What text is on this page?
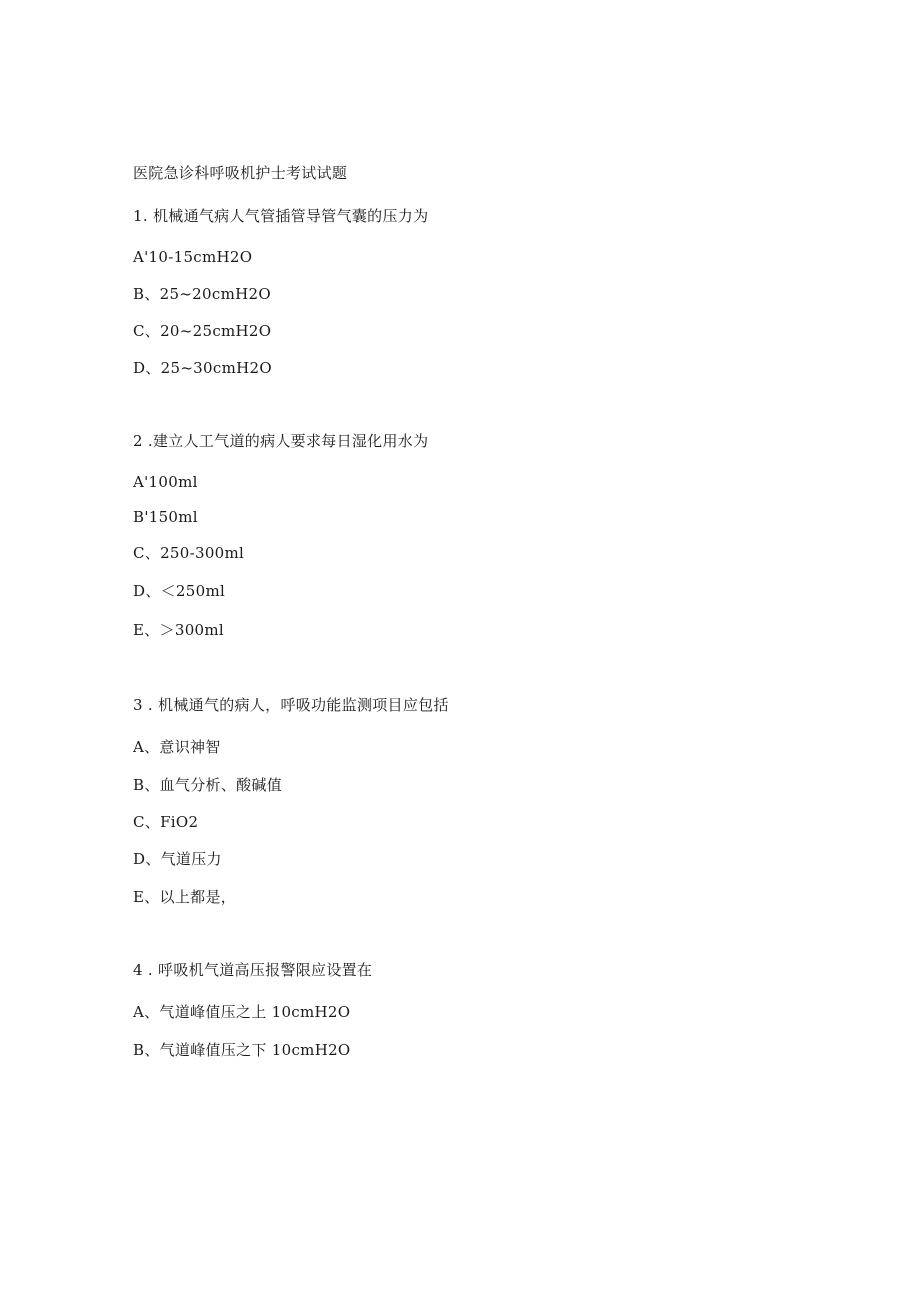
医院急诊科呼吸机护士考试试题
1. 机械通气病人气管插管导管气囊的压力为
A'10-15cmH2O
B、25~20cmH2O
C、20~25cmH2O
D、25~30cmH2O
2 .建立人工气道的病人要求每日湿化用水为
A'100ml
B'150ml
C、250-300ml
D、＜250ml
E、＞300ml
3 . 机械通气的病人，呼吸功能监测项目应包括
A、意识神智
B、血气分析、酸碱值
C、FiO2
D、气道压力
E、以上都是，
4 . 呼吸机气道高压报警限应设置在
A、气道峰值压之上 10cmH2O
B、气道峰值压之下 10cmH2O
